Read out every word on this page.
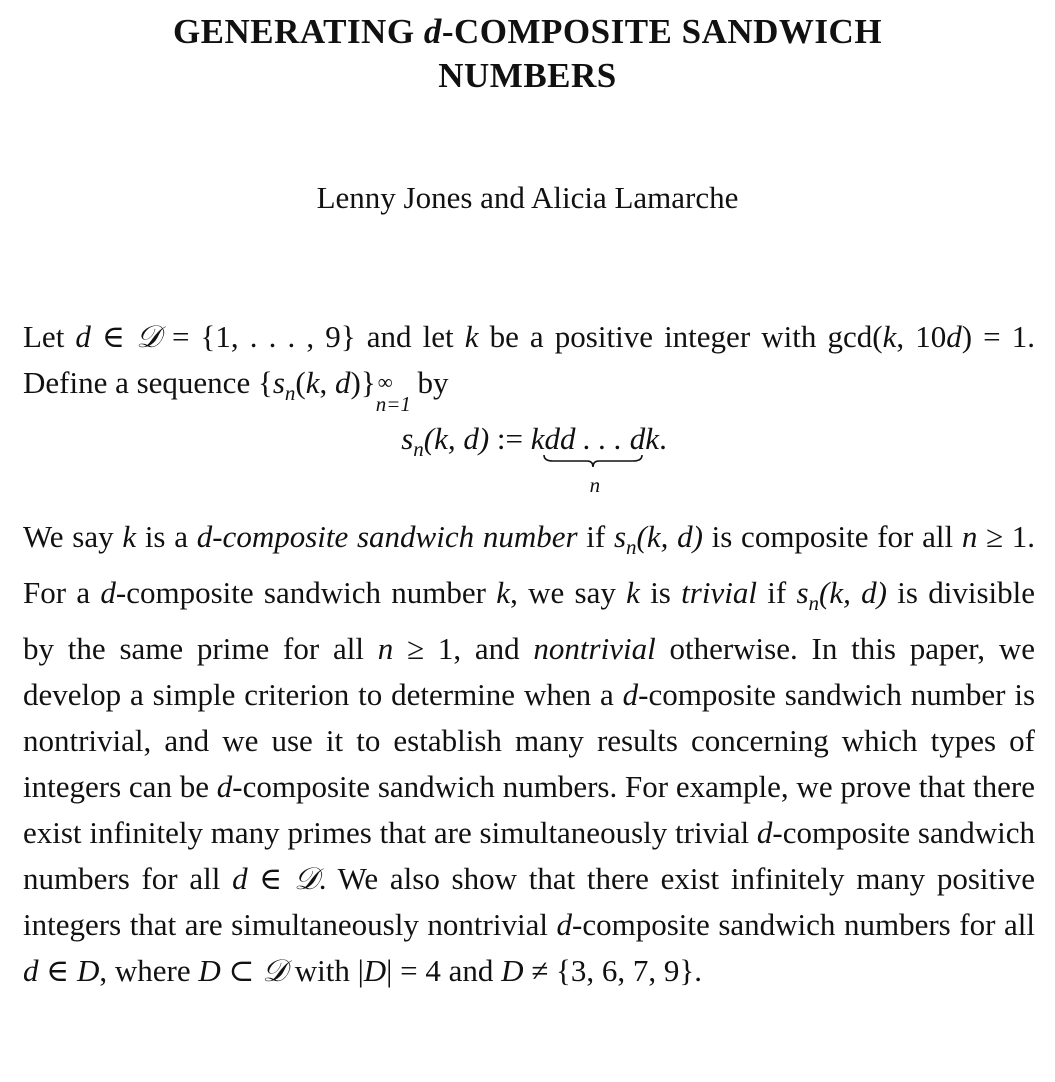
GENERATING d-COMPOSITE SANDWICH
NUMBERS
Lenny Jones and Alicia Lamarche

Let d ∈ 𝒟 = {1, . . . , 9} and let k be a positive integer with gcd(k, 10d) = 1. Define a sequence {$s_n(k$, d)} ∞
n=1
by

$s_n(k$, d) := kdd . . . d
n
k.

We say k is a d-composite sandwich number if $s_n(k$, d) is composite for all n ≥ 1. For a d-composite sandwich number k, we say k is trivial if $s_n(k$, d) is divisible by the same prime for all n ≥ 1, and nontrivial otherwise. In this paper, we develop a simple criterion to determine when a d-composite sandwich number is nontrivial, and we use it to establish many results concerning which types of integers can be d-composite sandwich numbers. For example, we prove that there exist infinitely many primes that are simultaneously trivial d-composite sandwich numbers for all d ∈ 𝒟. We also show that there exist infinitely many positive integers that are simultaneously nontrivial d-composite sandwich numbers for all d ∈ D, where D ⊂ 𝒟 with |D| = 4 and D ≠ {3, 6, 7, 9}.
